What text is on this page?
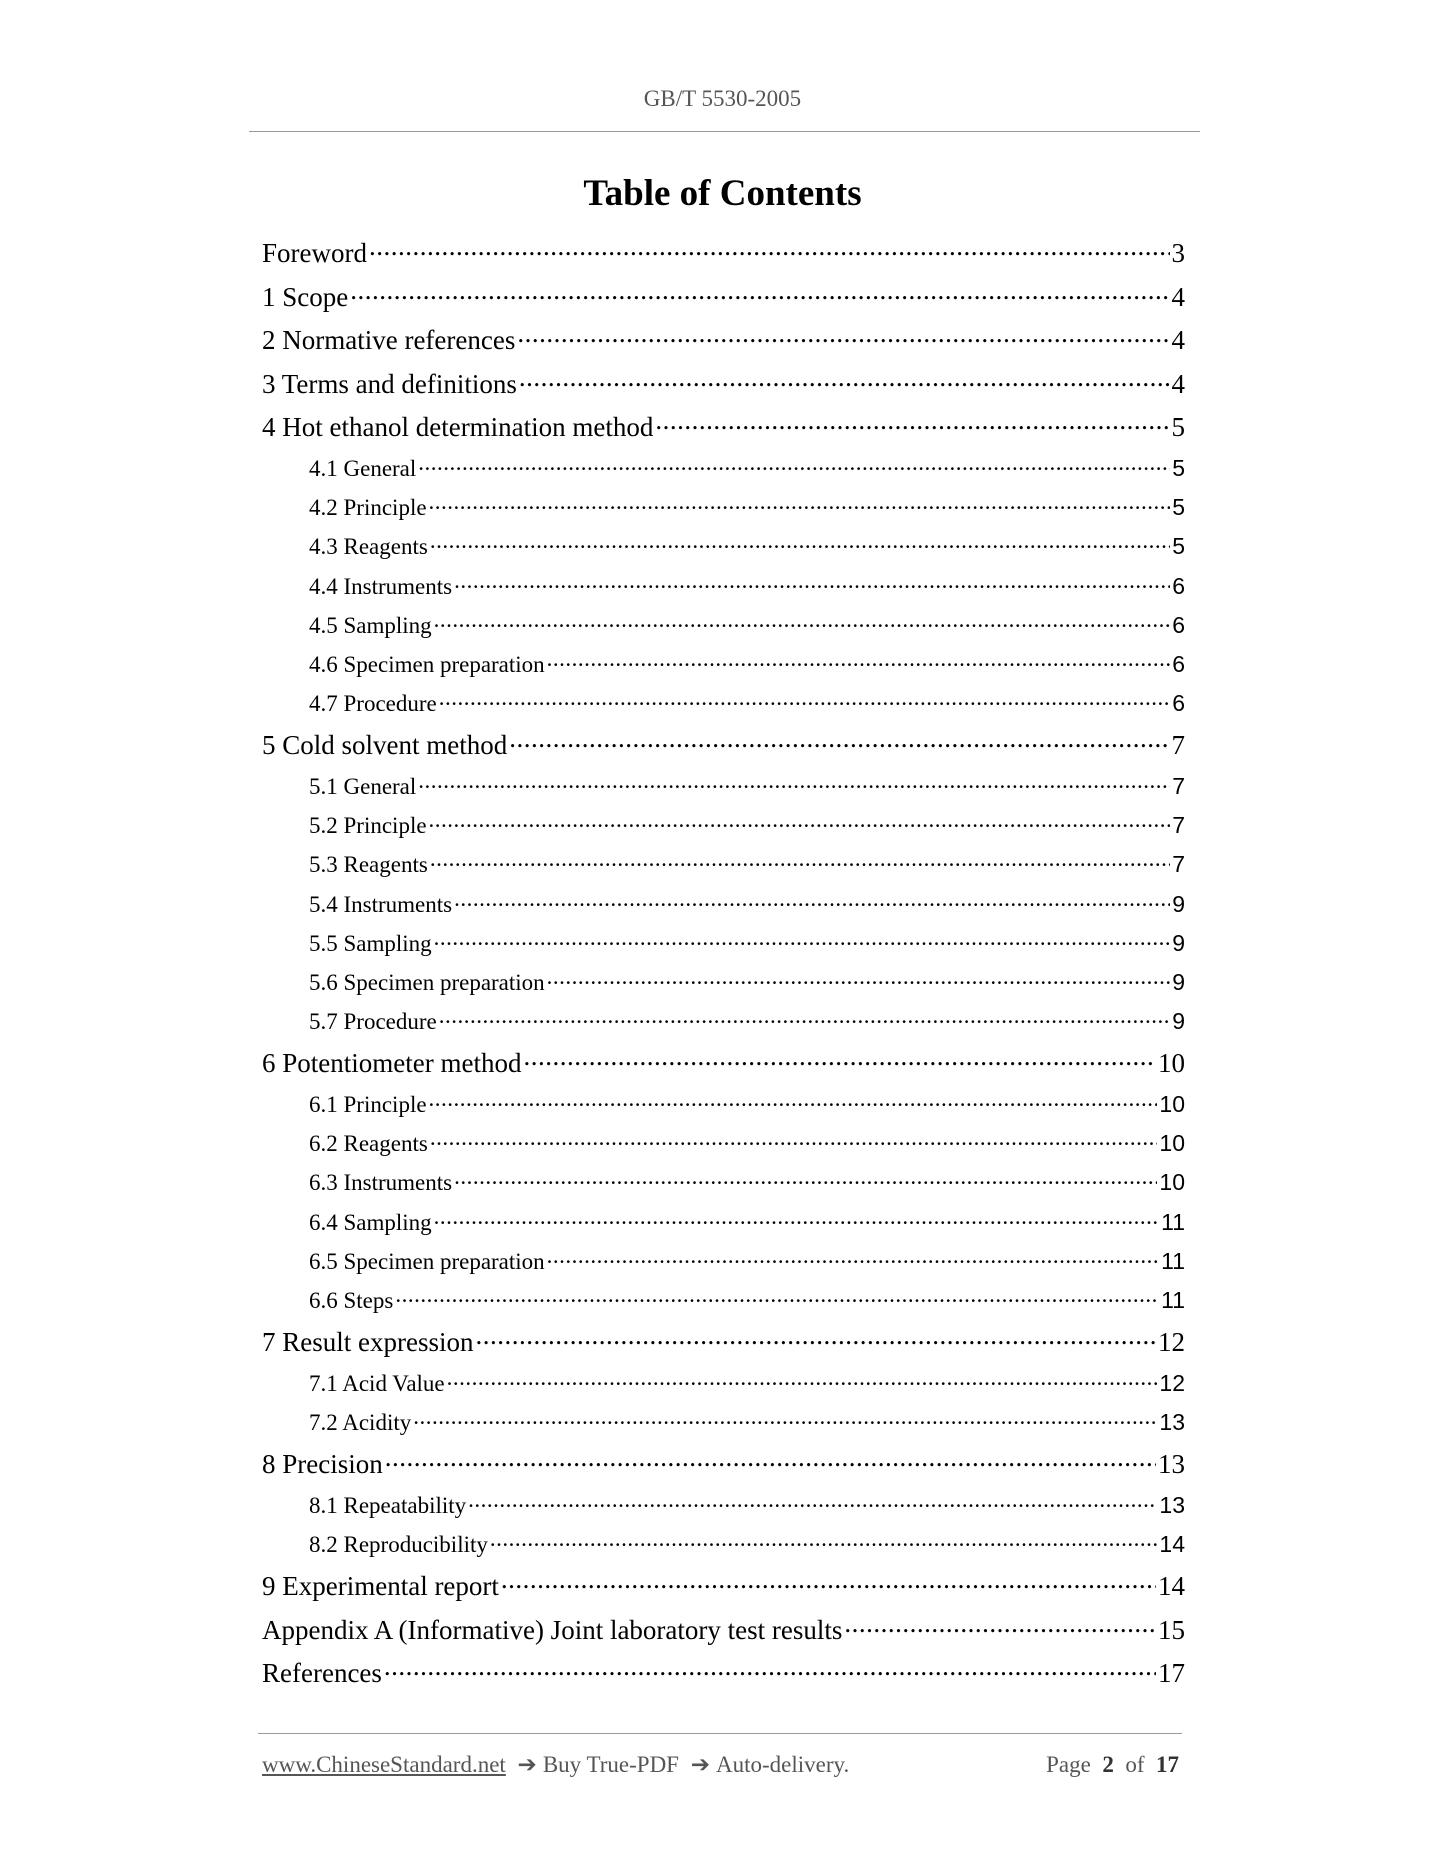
GB/T 5530-2005
Table of Contents
Foreword .....	3
1 Scope .....	4
2 Normative references .....	4
3 Terms and definitions .....	4
4 Hot ethanol determination method .....	5
4.1 General .....	5
4.2 Principle .....	5
4.3 Reagents .....	5
4.4 Instruments .....	6
4.5 Sampling .....	6
4.6 Specimen preparation .....	6
4.7 Procedure .....	6
5 Cold solvent method .....	7
5.1 General .....	7
5.2 Principle .....	7
5.3 Reagents .....	7
5.4 Instruments .....	9
5.5 Sampling .....	9
5.6 Specimen preparation .....	9
5.7 Procedure .....	9
6 Potentiometer method .....	10
6.1 Principle .....	10
6.2 Reagents .....	10
6.3 Instruments .....	10
6.4 Sampling .....	11
6.5 Specimen preparation .....	11
6.6 Steps .....	11
7 Result expression .....	12
7.1 Acid Value .....	12
7.2 Acidity .....	13
8 Precision .....	13
8.1 Repeatability .....	13
8.2 Reproducibility .....	14
9 Experimental report .....	14
Appendix A (Informative) Joint laboratory test results .....	15
References .....	17
www.ChineseStandard.net ➔ Buy True-PDF ➔ Auto-delivery.	Page 2 of 17
